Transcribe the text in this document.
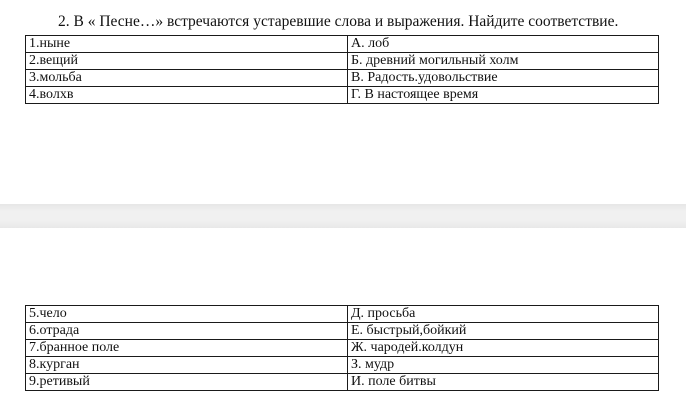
2. В « Песне…» встречаются устаревшие слова и выражения. Найдите соответствие.
1.ныне	А. лоб
2.вещий	Б. древний могильный холм
3.мольба	В. Радость.удовольствие
4.волхв	Г. В настоящее время
5.чело	Д. просьба
6.отрада	Е. быстрый,бойкий
7.бранное поле	Ж. чародей.колдун
8.курган	З. мудр
9.ретивый	И. поле битвы
